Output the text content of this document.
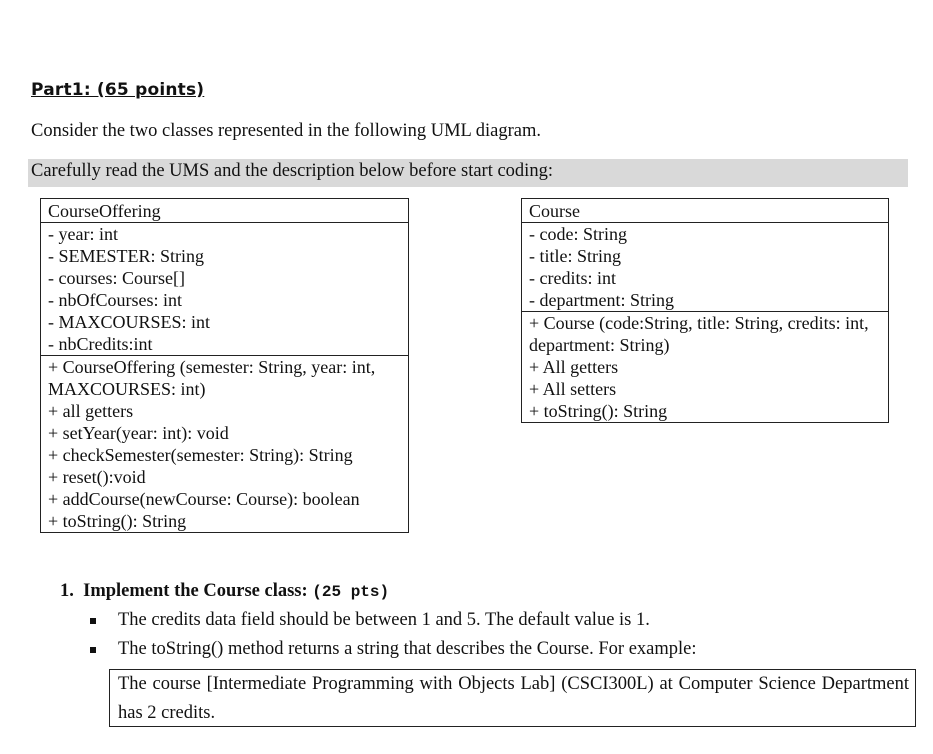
Part1: (65 points)
Consider the two classes represented in the following UML diagram.
Carefully read the UMS and the description below before start coding:
CourseOffering
- year: int
- SEMESTER: String
- courses: Course[]
- nbOfCourses: int
- MAXCOURSES: int
- nbCredits:int
+ CourseOffering (semester: String, year: int, MAXCOURSES: int)
+ all getters
+ setYear(year: int): void
+ checkSemester(semester: String): String
+ reset():void
+ addCourse(newCourse: Course): boolean
+ toString(): String
Course
- code: String
- title: String
- credits: int
- department: String
+ Course (code:String, title: String, credits: int, department: String)
+ All getters
+ All setters
+ toString(): String
1. Implement the Course class: (25 pts)
The credits data field should be between 1 and 5. The default value is 1.
The toString() method returns a string that describes the Course. For example:
The course [Intermediate Programming with Objects Lab] (CSCI300L) at Computer Science Department has 2 credits.
